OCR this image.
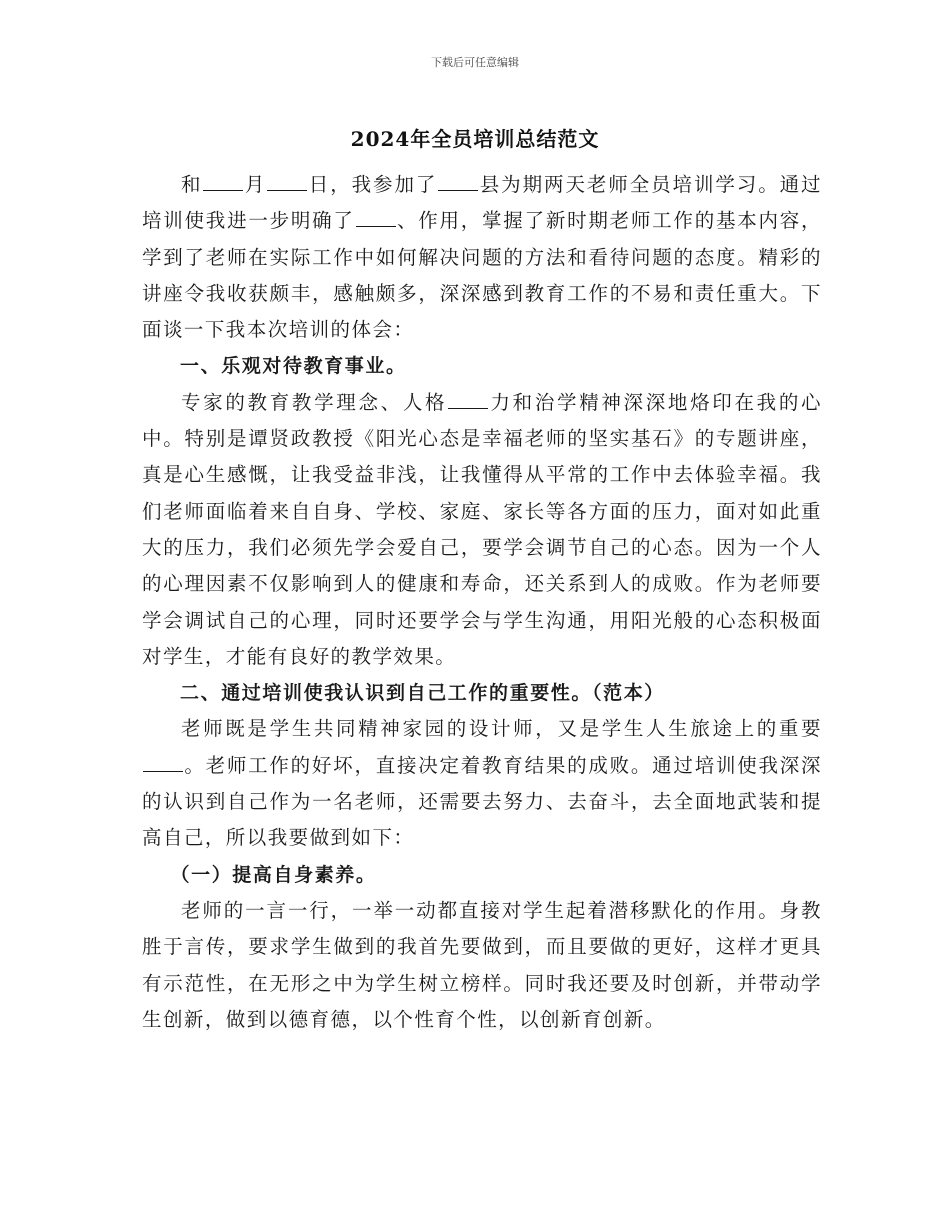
下载后可任意编辑
2024年全员培训总结范文

和 月 日，我参加了 县为期两天老师全员培训学习。通过培训使我进一步明确了 、作用，掌握了新时期老师工作的基本内容，学到了老师在实际工作中如何解决问题的方法和看待问题的态度。精彩的讲座令我收获颇丰，感触颇多，深深感到教育工作的不易和责任重大。下面谈一下我本次培训的体会：

一、乐观对待教育事业。

专家的教育教学理念、人格 力和治学精神深深地烙印在我的心中。特别是谭贤政教授《阳光心态是幸福老师的坚实基石》的专题讲座，真是心生感慨，让我受益非浅，让我懂得从平常的工作中去体验幸福。我们老师面临着来自自身、学校、家庭、家长等各方面的压力，面对如此重大的压力，我们必须先学会爱自己，要学会调节自己的心态。因为一个人的心理因素不仅影响到人的健康和寿命，还关系到人的成败。作为老师要学会调试自己的心理，同时还要学会与学生沟通，用阳光般的心态积极面对学生，才能有良好的教学效果。

二、通过培训使我认识到自己工作的重要性。（范本）

老师既是学生共同精神家园的设计师，又是学生人生旅途上的重要。老师工作的好坏，直接决定着教育结果的成败。通过培训使我深深的认识到自己作为一名老师，还需要去努力、去奋斗，去全面地武装和提高自己，所以我要做到如下：

（一）提高自身素养。

老师的一言一行，一举一动都直接对学生起着潜移默化的作用。身教胜于言传，要求学生做到的我首先要做到，而且要做的更好，这样才更具有示范性，在无形之中为学生树立榜样。同时我还要及时创新，并带动学生创新，做到以德育德，以个性育个性，以创新育创新。
